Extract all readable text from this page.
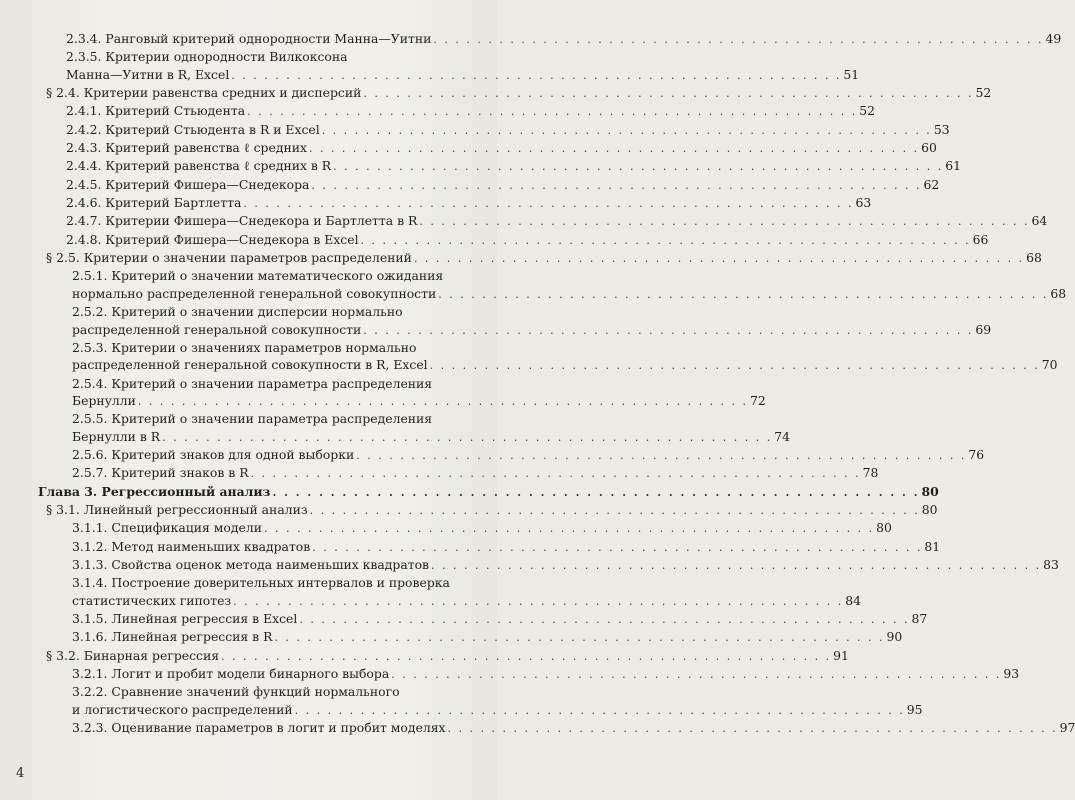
2.3.4. Ранговый критерий однородности Манна—Уитни . . .	49
2.3.5. Критерии однородности Вилкоксона
Манна—Уитни в R, Excel . . .	51
§ 2.4. Критерии равенства средних и дисперсий . . .	52
2.4.1. Критерий Стьюдента . . .	52
2.4.2. Критерий Стьюдента в R и Excel . . .	53
2.4.3. Критерий равенства ℓ средних . . .	60
2.4.4. Критерий равенства ℓ средних в R . . .	61
2.4.5. Критерий Фишера—Снедекора . . .	62
2.4.6. Критерий Бартлетта . . .	63
2.4.7. Критерии Фишера—Снедекора и Бартлетта в R . . .	64
2.4.8. Критерий Фишера—Снедекора в Excel . . .	66
§ 2.5. Критерии о значении параметров распределений . . .	68
2.5.1. Критерий о значении математического ожидания
нормально распределенной генеральной совокупности . . .	68
2.5.2. Критерий о значении дисперсии нормально
распределенной генеральной совокупности . . .	69
2.5.3. Критерии о значениях параметров нормально
распределенной генеральной совокупности в R, Excel . . .	70
2.5.4. Критерий о значении параметра распределения
Бернулли . . .	72
2.5.5. Критерий о значении параметра распределения
Бернулли в R . . .	74
2.5.6. Критерий знаков для одной выборки . . .	76
2.5.7. Критерий знаков в R . . .	78
Глава 3. Регрессионный анализ . . .	80
§ 3.1. Линейный регрессионный анализ . . .	80
3.1.1. Спецификация модели . . .	80
3.1.2. Метод наименьших квадратов . . .	81
3.1.3. Свойства оценок метода наименьших квадратов . . .	83
3.1.4. Построение доверительных интервалов и проверка
статистических гипотез . . .	84
3.1.5. Линейная регрессия в Excel . . .	87
3.1.6. Линейная регрессия в R . . .	90
§ 3.2. Бинарная регрессия . . .	91
3.2.1. Логит и пробит модели бинарного выбора . . .	93
3.2.2. Сравнение значений функций нормального
и логистического распределений . . .	95
3.2.3. Оценивание параметров в логит и пробит моделях . . .	97
4
